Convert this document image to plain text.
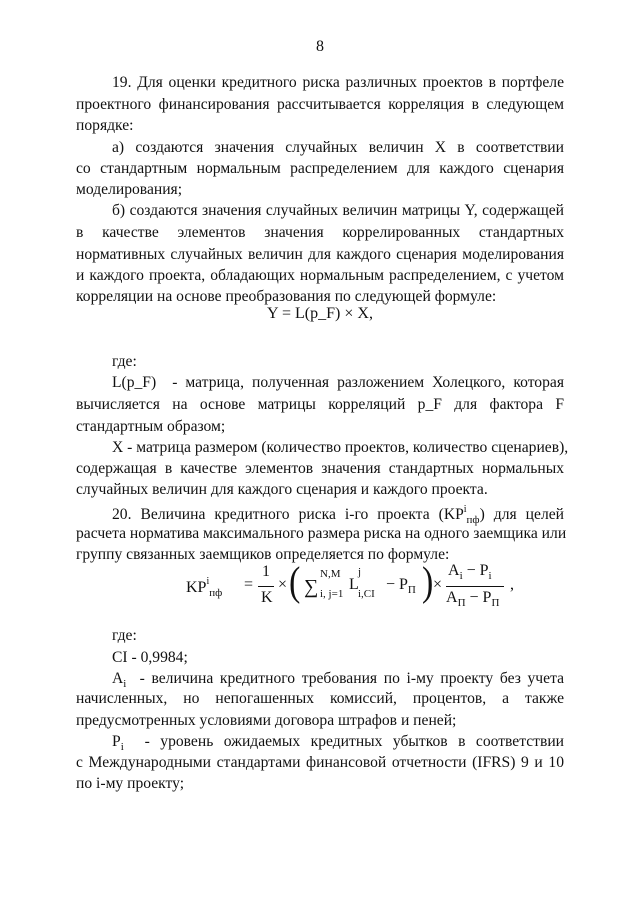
8
19. Для оценки кредитного риска различных проектов в портфеле
проектного финансирования рассчитывается корреляция в следующем
порядке:
а) создаются значения случайных величин X в соответствии
со стандартным нормальным распределением для каждого сценария
моделирования;
б) создаются значения случайных величин матрицы Y, содержащей
в качестве элементов значения коррелированных стандартных
нормативных случайных величин для каждого сценария моделирования
и каждого проекта, обладающих нормальным распределением, с учетом
корреляции на основе преобразования по следующей формуле:
Y = L(p_F) × X,
где:
L(p_F) - матрица, полученная разложением Холецкого, которая
вычисляется на основе матрицы корреляций p_F для фактора F
стандартным образом;
X - матрица размером (количество проектов, количество сценариев),
содержащая в качестве элементов значения стандартных нормальных
случайных величин для каждого сценария и каждого проекта.
20. Величина кредитного риска i-го проекта $(KP^i_{пф})$ для целей
расчета норматива максимального размера риска на одного заемщика или
группу связанных заемщиков определяется по формуле:
$KP^i_{пф}$ =
1
K
× ( ∑
N,M
i, j=1
L
j
i,CI
− $P_П$ ) ×
$A_i - P_i$
$A_П - P_П$
,
где:
CI - 0,9984;
$A_i$ - величина кредитного требования по i-му проекту без учета
начисленных, но непогашенных комиссий, процентов, а также
предусмотренных условиями договора штрафов и пеней;
$P_i$ - уровень ожидаемых кредитных убытков в соответствии
с Международными стандартами финансовой отчетности (IFRS) 9 и 10
по i-му проекту;
